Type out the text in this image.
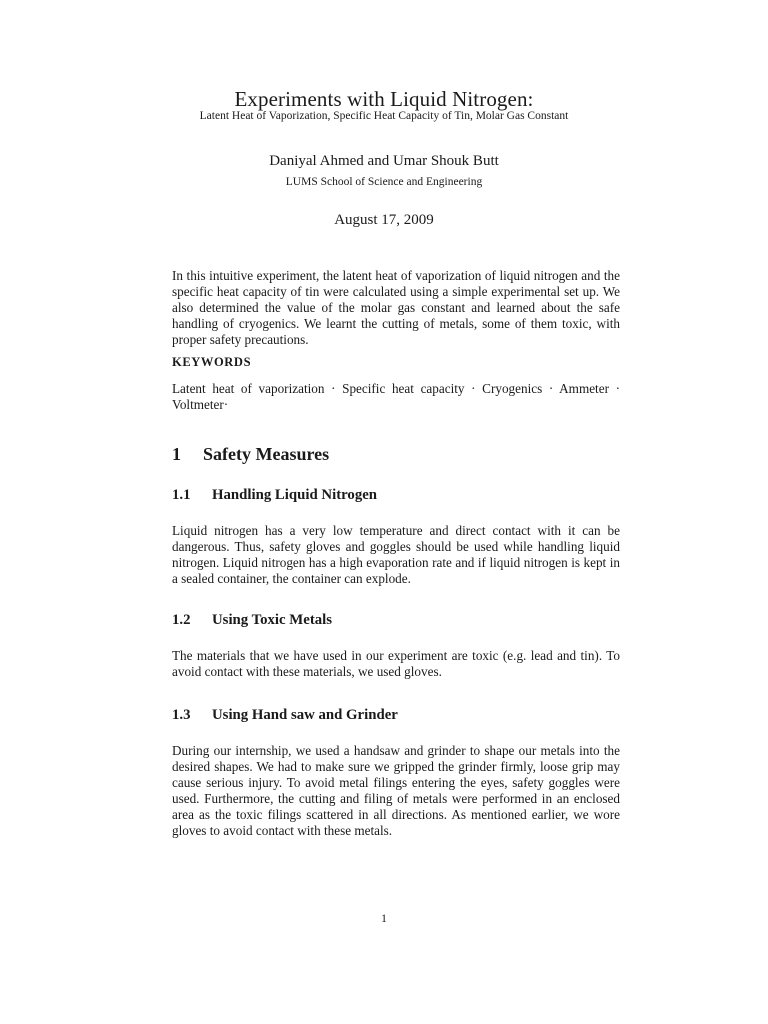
Experiments with Liquid Nitrogen:
Latent Heat of Vaporization, Specific Heat Capacity of Tin, Molar Gas Constant
Daniyal Ahmed and Umar Shouk Butt
LUMS School of Science and Engineering
August 17, 2009
In this intuitive experiment, the latent heat of vaporization of liquid nitrogen and the specific heat capacity of tin were calculated using a simple experimental set up. We also determined the value of the molar gas constant and learned about the safe handling of cryogenics. We learnt the cutting of metals, some of them toxic, with proper safety precautions.
KEYWORDS
Latent heat of vaporization · Specific heat capacity · Cryogenics · Ammeter · Voltmeter·
1 Safety Measures
1.1 Handling Liquid Nitrogen
Liquid nitrogen has a very low temperature and direct contact with it can be dangerous. Thus, safety gloves and goggles should be used while handling liquid nitrogen. Liquid nitrogen has a high evaporation rate and if liquid nitrogen is kept in a sealed container, the container can explode.
1.2 Using Toxic Metals
The materials that we have used in our experiment are toxic (e.g. lead and tin). To avoid contact with these materials, we used gloves.
1.3 Using Hand saw and Grinder
During our internship, we used a handsaw and grinder to shape our metals into the desired shapes. We had to make sure we gripped the grinder firmly, loose grip may cause serious injury. To avoid metal filings entering the eyes, safety goggles were used. Furthermore, the cutting and filing of metals were performed in an enclosed area as the toxic filings scattered in all directions. As mentioned earlier, we wore gloves to avoid contact with these metals.
1
